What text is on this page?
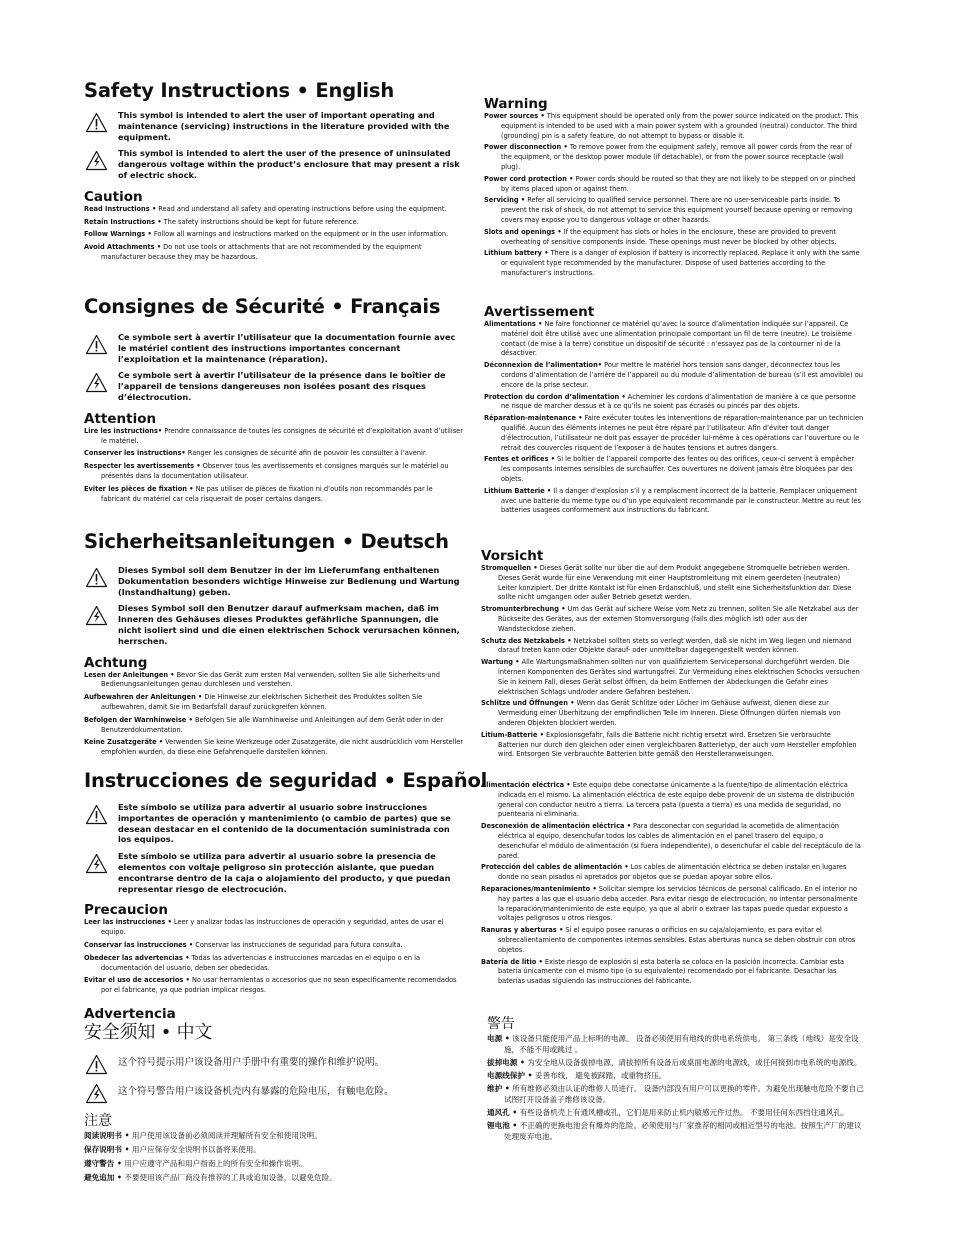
Safety Instructions • English

This symbol is intended to alert the user of important operating and maintenance (servicing) instructions in the literature provided with the equipment.

This symbol is intended to alert the user of the presence of uninsulated dangerous voltage within the product’s enclosure that may present a risk of electric shock.

Caution

Read Instructions • Read and understand all safety and operating instructions before using the equipment.

Retain Instructions • The safety instructions should be kept for future reference.

Follow Warnings • Follow all warnings and instructions marked on the equipment or in the user information.

Avoid Attachments • Do not use tools or attachments that are not recommended by the equipment manufacturer because they may be hazardous.

Warning

Power sources • This equipment should be operated only from the power source indicated on the product. This equipment is intended to be used with a main power system with a grounded (neutral) conductor. The third (grounding) pin is a safety feature, do not attempt to bypass or disable it.

Power disconnection • To remove power from the equipment safely, remove all power cords from the rear of the equipment, or the desktop power module (if detachable), or from the power source receptacle (wall plug).

Power cord protection • Power cords should be routed so that they are not likely to be stepped on or pinched by items placed upon or against them.

Servicing • Refer all servicing to qualified service personnel. There are no user-serviceable parts inside. To prevent the risk of shock, do not attempt to service this equipment yourself because opening or removing covers may expose you to dangerous voltage or other hazards.

Slots and openings • If the equipment has slots or holes in the enclosure, these are provided to prevent overheating of sensitive components inside. These openings must never be blocked by other objects.

Lithium battery • There is a danger of explosion if battery is incorrectly replaced. Replace it only with the same or equivalent type recommended by the manufacturer. Dispose of used batteries according to the manufacturer’s instructions.

Consignes de Sécurité • Français

Ce symbole sert à avertir l’utilisateur que la documentation fournie avec le matériel contient des instructions importantes concernant l’exploitation et la maintenance (réparation).

Ce symbole sert à avertir l’utilisateur de la présence dans le boîtier de l’appareil de tensions dangereuses non isolées posant des risques d’électrocution.

Attention

Lire les instructions• Prendre connaissance de toutes les consignes de sécurité et d’exploitation avant d’utiliser le matériel.

Conserver les instructions• Ranger les consignes de sécurité afin de pouvoir les consulter à l’avenir.

Respecter les avertissements • Observer tous les avertissements et consignes marqués sur le matériel ou présentés dans la documentation utilisateur.

Eviter les pièces de fixation • Ne pas utiliser de pièces de fixation ni d’outils non recommandés par le fabricant du matériel car cela risquerait de poser certains dangers.

Avertissement

Alimentations • Ne faire fonctionner ce matériel qu’avec la source d’alimentation indiquée sur l’appareil. Ce matériel doit être utilisé avec une alimentation principale comportant un fil de terre (neutre). Le troisième contact (de mise à la terre) constitue un dispositif de sécurité : n’essayez pas de la contourner ni de la désactiver.

Déconnexion de l’alimentation• Pour mettre le matériel hors tension sans danger, déconnectez tous les cordons d’alimentation de l’arrière de l’appareil ou du module d’alimentation de bureau (s’il est amovible) ou encore de la prise secteur.

Protection du cordon d’alimentation • Acheminer les cordons d’alimentation de manière à ce que personne ne risque de marcher dessus et à ce qu’ils ne soient pas écrasés ou pincés par des objets.

Réparation-maintenance • Faire exécuter toutes les interventions de réparation-maintenance par un technicien qualifié. Aucun des éléments internes ne peut être réparé par l’utilisateur. Afin d’éviter tout danger d’électrocution, l’utilisateur ne doit pas essayer de procéder lui-même à ces opérations car l’ouverture ou le retrait des couvercles risquent de l’exposer à de hautes tensions et autres dangers.

Fentes et orifices • Si le boîtier de l’appareil comporte des fentes ou des orifices, ceux-ci servent à empêcher les composants internes sensibles de surchauffer. Ces ouvertures ne doivent jamais être bloquées par des objets.

Lithium Batterie • Il a danger d’explosion s’il y a remplacment incorrect de la batterie. Remplacer uniquement avec une batterie du meme type ou d’un ype equivalent recommande par le constructeur. Mettre au reut les batteries usagees conformement aux instructions du fabricant.

Sicherheitsanleitungen • Deutsch

Dieses Symbol soll dem Benutzer in der im Lieferumfang enthaltenen Dokumentation besonders wichtige Hinweise zur Bedienung und Wartung (Instandhaltung) geben.

Dieses Symbol soll den Benutzer darauf aufmerksam machen, daß im Inneren des Gehäuses dieses Produktes gefährliche Spannungen, die nicht isoliert sind und die einen elektrischen Schock verursachen können, herrschen.

Achtung

Lesen der Anleitungen • Bevor Sie das Gerät zum ersten Mal verwenden, sollten Sie alle Sicherheits-und Bedienungsanleitungen genau durchlesen und verstehen.

Aufbewahren der Anleitungen • Die Hinweise zur elektrischen Sicherheit des Produktes sollten Sie aufbewahren, damit Sie im Bedarfsfall darauf zurückgreifen können.

Befolgen der Warnhinweise • Befolgen Sie alle Warnhinweise und Anleitungen auf dem Gerät oder in der Benutzerdokumentation.

Keine Zusatzgeräte • Verwenden Sie keine Werkzeuge oder Zusatzgeräte, die nicht ausdrücklich vom Hersteller empfohlen wurden, da diese eine Gefahrenquelle darstellen können.

Vorsicht

Stromquellen • Dieses Gerät sollte nur über die auf dem Produkt angegebene Stromquelle betrieben werden. Dieses Gerät wurde für eine Verwendung mit einer Hauptstromleitung mit einem geerdeten (neutralen) Leiter konzipiert. Der dritte Kontakt ist für einen Erdanschluß, und stellt eine Sicherheitsfunktion dar. Diese sollte nicht umgangen oder außer Betrieb gesetzt werden.

Stromunterbrechung • Um das Gerät auf sichere Weise vom Netz zu trennen, sollten Sie alle Netzkabel aus der Rückseite des Gerätes, aus der externen Stomversorgung (falls dies möglich ist) oder aus der Wandsteckdose ziehen.

Schutz des Netzkabels • Netzkabel sollten stets so verlegt werden, daß sie nicht im Weg liegen und niemand darauf treten kann oder Objekte darauf- oder unmittelbar dagegengestellt werden können.

Wartung • Alle Wartungsmaßnahmen sollten nur von qualifiziertem Servicepersonal durchgeführt werden. Die internen Komponenten des Gerätes sind wartungsfrei. Zur Vermeidung eines elektrischen Schocks versuchen Sie in keinem Fall, dieses Gerät selbst öffnen, da beim Entfernen der Abdeckungen die Gefahr eines elektrischen Schlags und/oder andere Gefahren bestehen.

Schlitze und Öffnungen • Wenn das Gerät Schlitze oder Löcher im Gehäuse aufweist, dienen diese zur Vermeidung einer Überhitzung der empfindlichen Teile im Inneren. Diese Öffnungen dürfen niemals von anderen Objekten blockiert werden.

Litium-Batterie • Explosionsgefahr, falls die Batterie nicht richtig ersetzt wird. Ersetzen Sie verbrauchte Batterien nur durch den gleichen oder einen vergleichbaren Batterietyp, der auch vom Hersteller empfohlen wird. Entsorgen Sie verbrauchte Batterien bitte gemäß den Herstelleranweisungen.

Instrucciones de seguridad • Español

Este símbolo se utiliza para advertir al usuario sobre instrucciones importantes de operación y mantenimiento (o cambio de partes) que se desean destacar en el contenido de la documentación suministrada con los equipos.

Este símbolo se utiliza para advertir al usuario sobre la presencia de elementos con voltaje peligroso sin protección aislante, que puedan encontrarse dentro de la caja o alojamiento del producto, y que puedan representar riesgo de electrocución.

Precaucion

Leer las instrucciones • Leer y analizar todas las instrucciones de operación y seguridad, antes de usar el equipo.

Conservar las instrucciones • Conservar las instrucciones de seguridad para futura consulta.

Obedecer las advertencias • Todas las advertencias e instrucciones marcadas en el equipo o en la documentación del usuario, deben ser obedecidas.

Evitar el uso de accesorios • No usar herramientas o accesorios que no sean especificamente recomendados por el fabricante, ya que podrian implicar riesgos.

Advertencia

Alimentación eléctrica • Este equipo debe conectarse únicamente a la fuente/tipo de alimentación eléctrica indicada en el mismo. La alimentación eléctrica de este equipo debe provenir de un sistema de distribución general con conductor neutro a tierra. La tercera pata (puesta a tierra) es una medida de seguridad, no puentearia ni eliminaria.

Desconexión de alimentación eléctrica • Para desconectar con seguridad la acometida de alimentación eléctrica al equipo, desenchufar todos los cables de alimentación en el panel trasero del equipo, o desenchufar el módulo de alimentación (si fuera independiente), o desenchufar el cable del receptáculo de la pared.

Protección del cables de alimentación • Los cables de alimentación eléctrica se deben instalar en lugares donde no sean pisados ni apretados por objetos que se puedan apoyar sobre ellos.

Reparaciones/mantenimiento • Solicitar siempre los servicios técnicos de personal calificado. En el interior no hay partes a las que el usuario deba acceder. Para evitar riesgo de electrocución, no intentar personalmente la reparación/mantenimiento de este equipo, ya que al abrir o extraer las tapas puede quedar expuesto a voltajes peligrosos u otros riesgos.

Ranuras y aberturas • Si el equipo posee ranuras o orificios en su caja/alojamiento, es para evitar el sobrecalientamiento de componentes internos sensibles. Estas aberturas nunca se deben obstruir con otros objetos.

Batería de litio • Existe riesgo de explosión si esta batería se coloca en la posición incorrecta. Cambiar esta batería únicamente con el mismo tipo (o su equivalente) recomendado por el fabricante. Desachar las baterías usadas siguiendo las instrucciones del fabricante.

安全须知 • 中文

这个符号提示用户该设备用户手册中有重要的操作和维护说明。

这个符号警告用户该设备机壳内有暴露的危险电压，有触电危险。

注意

阅读说明书 • 用户使用该设备前必须阅读并理解所有安全和使用说明。

保存说明书 • 用户应保存安全说明书以备将来使用。

遵守警告 • 用户应遵守产品和用户指南上的所有安全和操作说明。

避免追加 • 不要使用该产品厂商没有推荐的工具或追加设备，以避免危险。

警告

电源 • 该设备只能使用产品上标明的电源。 设备必须使用有地线的供电系统供电。 第三条线（地线）是安全设施，不能不用或跳过 。

拔掉电源 • 为安全地从设备拔掉电源，请拔掉所有设备后或桌面电源的电源线，或任何接到市电系统的电源线。

电源线保护 • 妥善布线， 避免被踩踏，或重物挤压。

维护 • 所有维修必须由认证的维修人员进行。 设备内部没有用户可以更换的零件。为避免出现触电危险不要自己试图打开设备盖子维修该设备。

通风孔 • 有些设备机壳上有通风槽或孔，它们是用来防止机内敏感元件过热。 不要用任何东西挡住通风孔。

锂电池 • 不正确的更换电池会有爆炸的危险。必须使用与厂家推荐的相同或相近型号的电池。按照生产厂的建议处理废弃电池。
